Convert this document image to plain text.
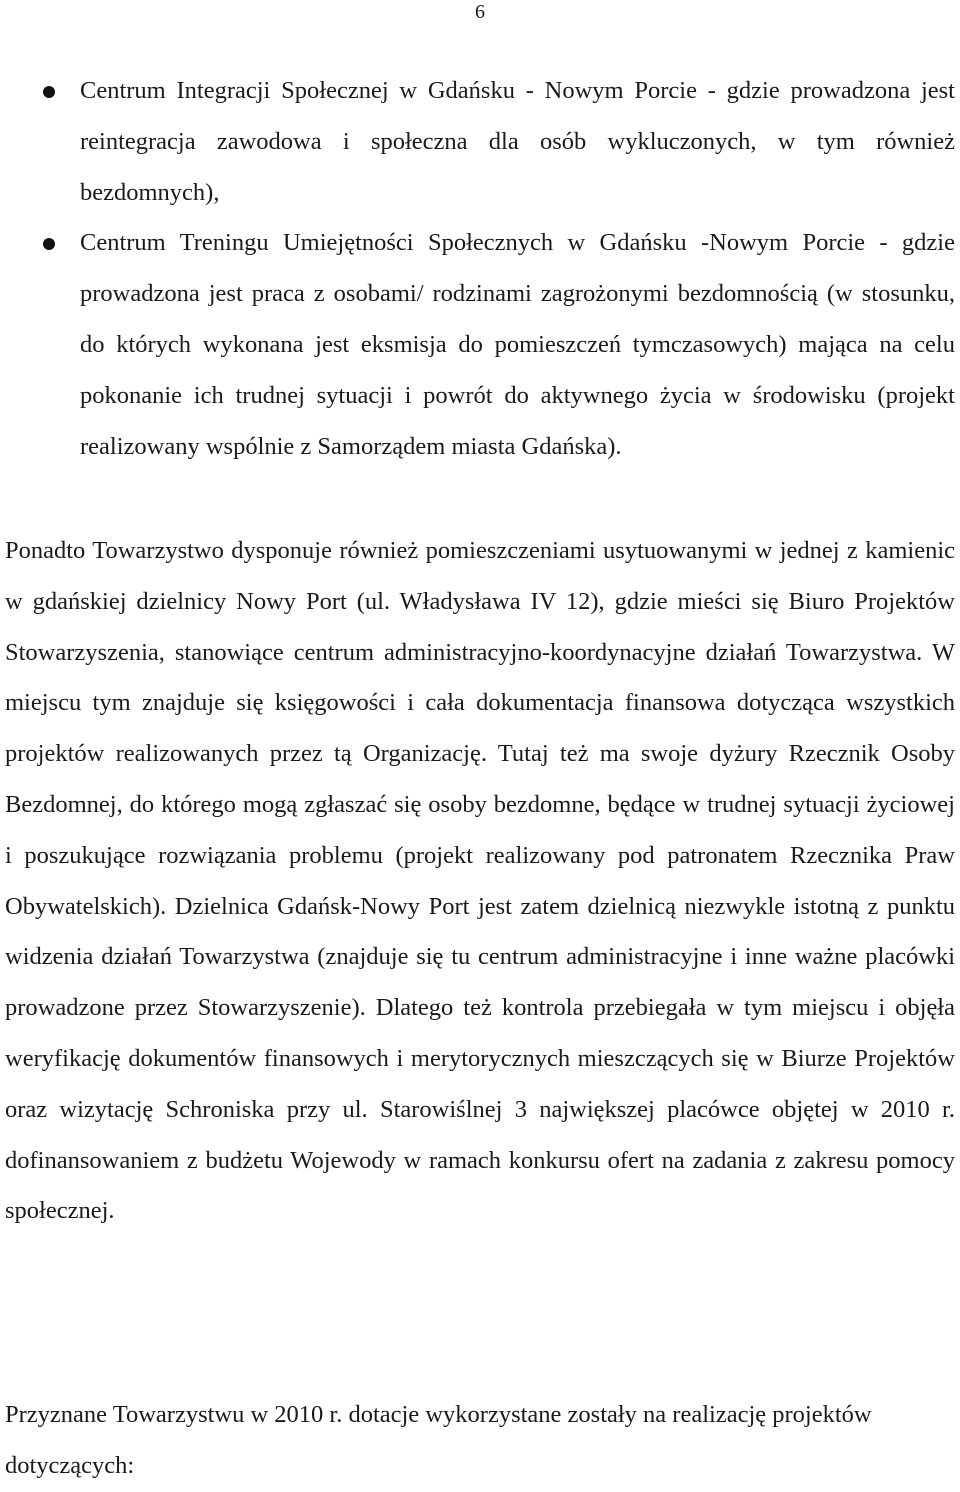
6
Centrum Integracji Społecznej w Gdańsku - Nowym Porcie - gdzie prowadzona jest reintegracja zawodowa i społeczna dla osób wykluczonych, w tym również bezdomnych),
Centrum Treningu Umiejętności Społecznych w Gdańsku -Nowym Porcie - gdzie prowadzona jest praca z osobami/ rodzinami zagrożonymi bezdomnością (w stosunku, do których wykonana jest eksmisja do pomieszczeń tymczasowych) mająca na celu pokonanie ich trudnej sytuacji i powrót do aktywnego życia w środowisku (projekt realizowany wspólnie z Samorządem miasta Gdańska).
Ponadto Towarzystwo dysponuje również pomieszczeniami usytuowanymi w jednej z kamienic w gdańskiej dzielnicy Nowy Port (ul. Władysława IV 12), gdzie mieści się Biuro Projektów Stowarzyszenia, stanowiące centrum administracyjno-koordynacyjne działań Towarzystwa. W miejscu tym znajduje się księgowości i cała dokumentacja finansowa dotycząca wszystkich projektów realizowanych przez tą Organizację. Tutaj też ma swoje dyżury Rzecznik Osoby Bezdomnej, do którego mogą zgłaszać się osoby bezdomne, będące w trudnej sytuacji życiowej i poszukujące rozwiązania problemu (projekt realizowany pod patronatem Rzecznika Praw Obywatelskich). Dzielnica Gdańsk-Nowy Port jest zatem dzielnicą niezwykle istotną z punktu widzenia działań Towarzystwa (znajduje się tu centrum administracyjne i inne ważne placówki prowadzone przez Stowarzyszenie). Dlatego też kontrola przebiegała w tym miejscu i objęła weryfikację dokumentów finansowych i merytorycznych mieszczących się w Biurze Projektów oraz wizytację Schroniska przy ul. Starowiślnej 3 największej placówce objętej w 2010 r. dofinansowaniem z budżetu Wojewody w ramach konkursu ofert na zadania z zakresu pomocy społecznej.
Przyznane Towarzystwu w 2010 r. dotacje wykorzystane zostały na realizację projektów dotyczących:
